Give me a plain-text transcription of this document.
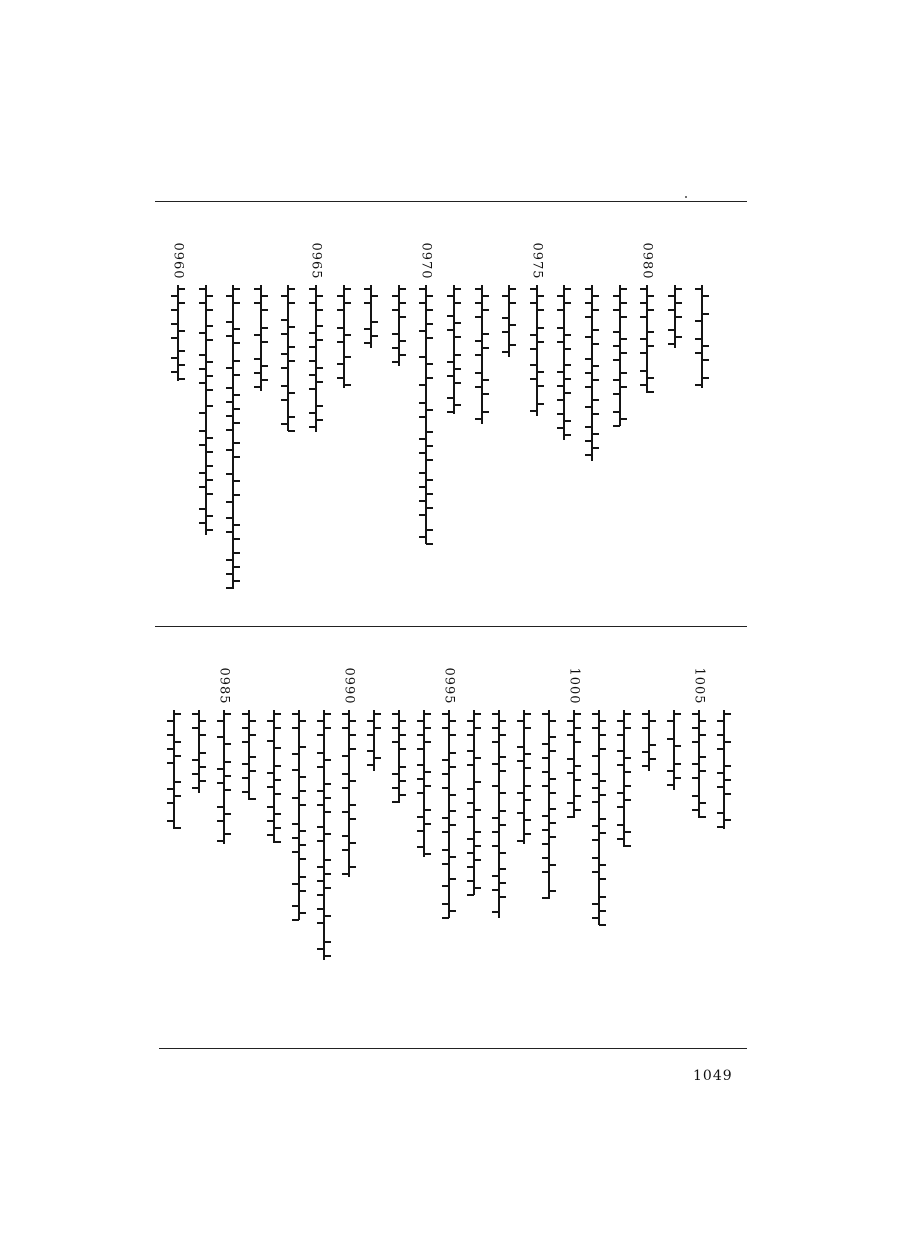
0960	0965	0970	0975	0980
0985	0990	0995	1000	1005
1049
